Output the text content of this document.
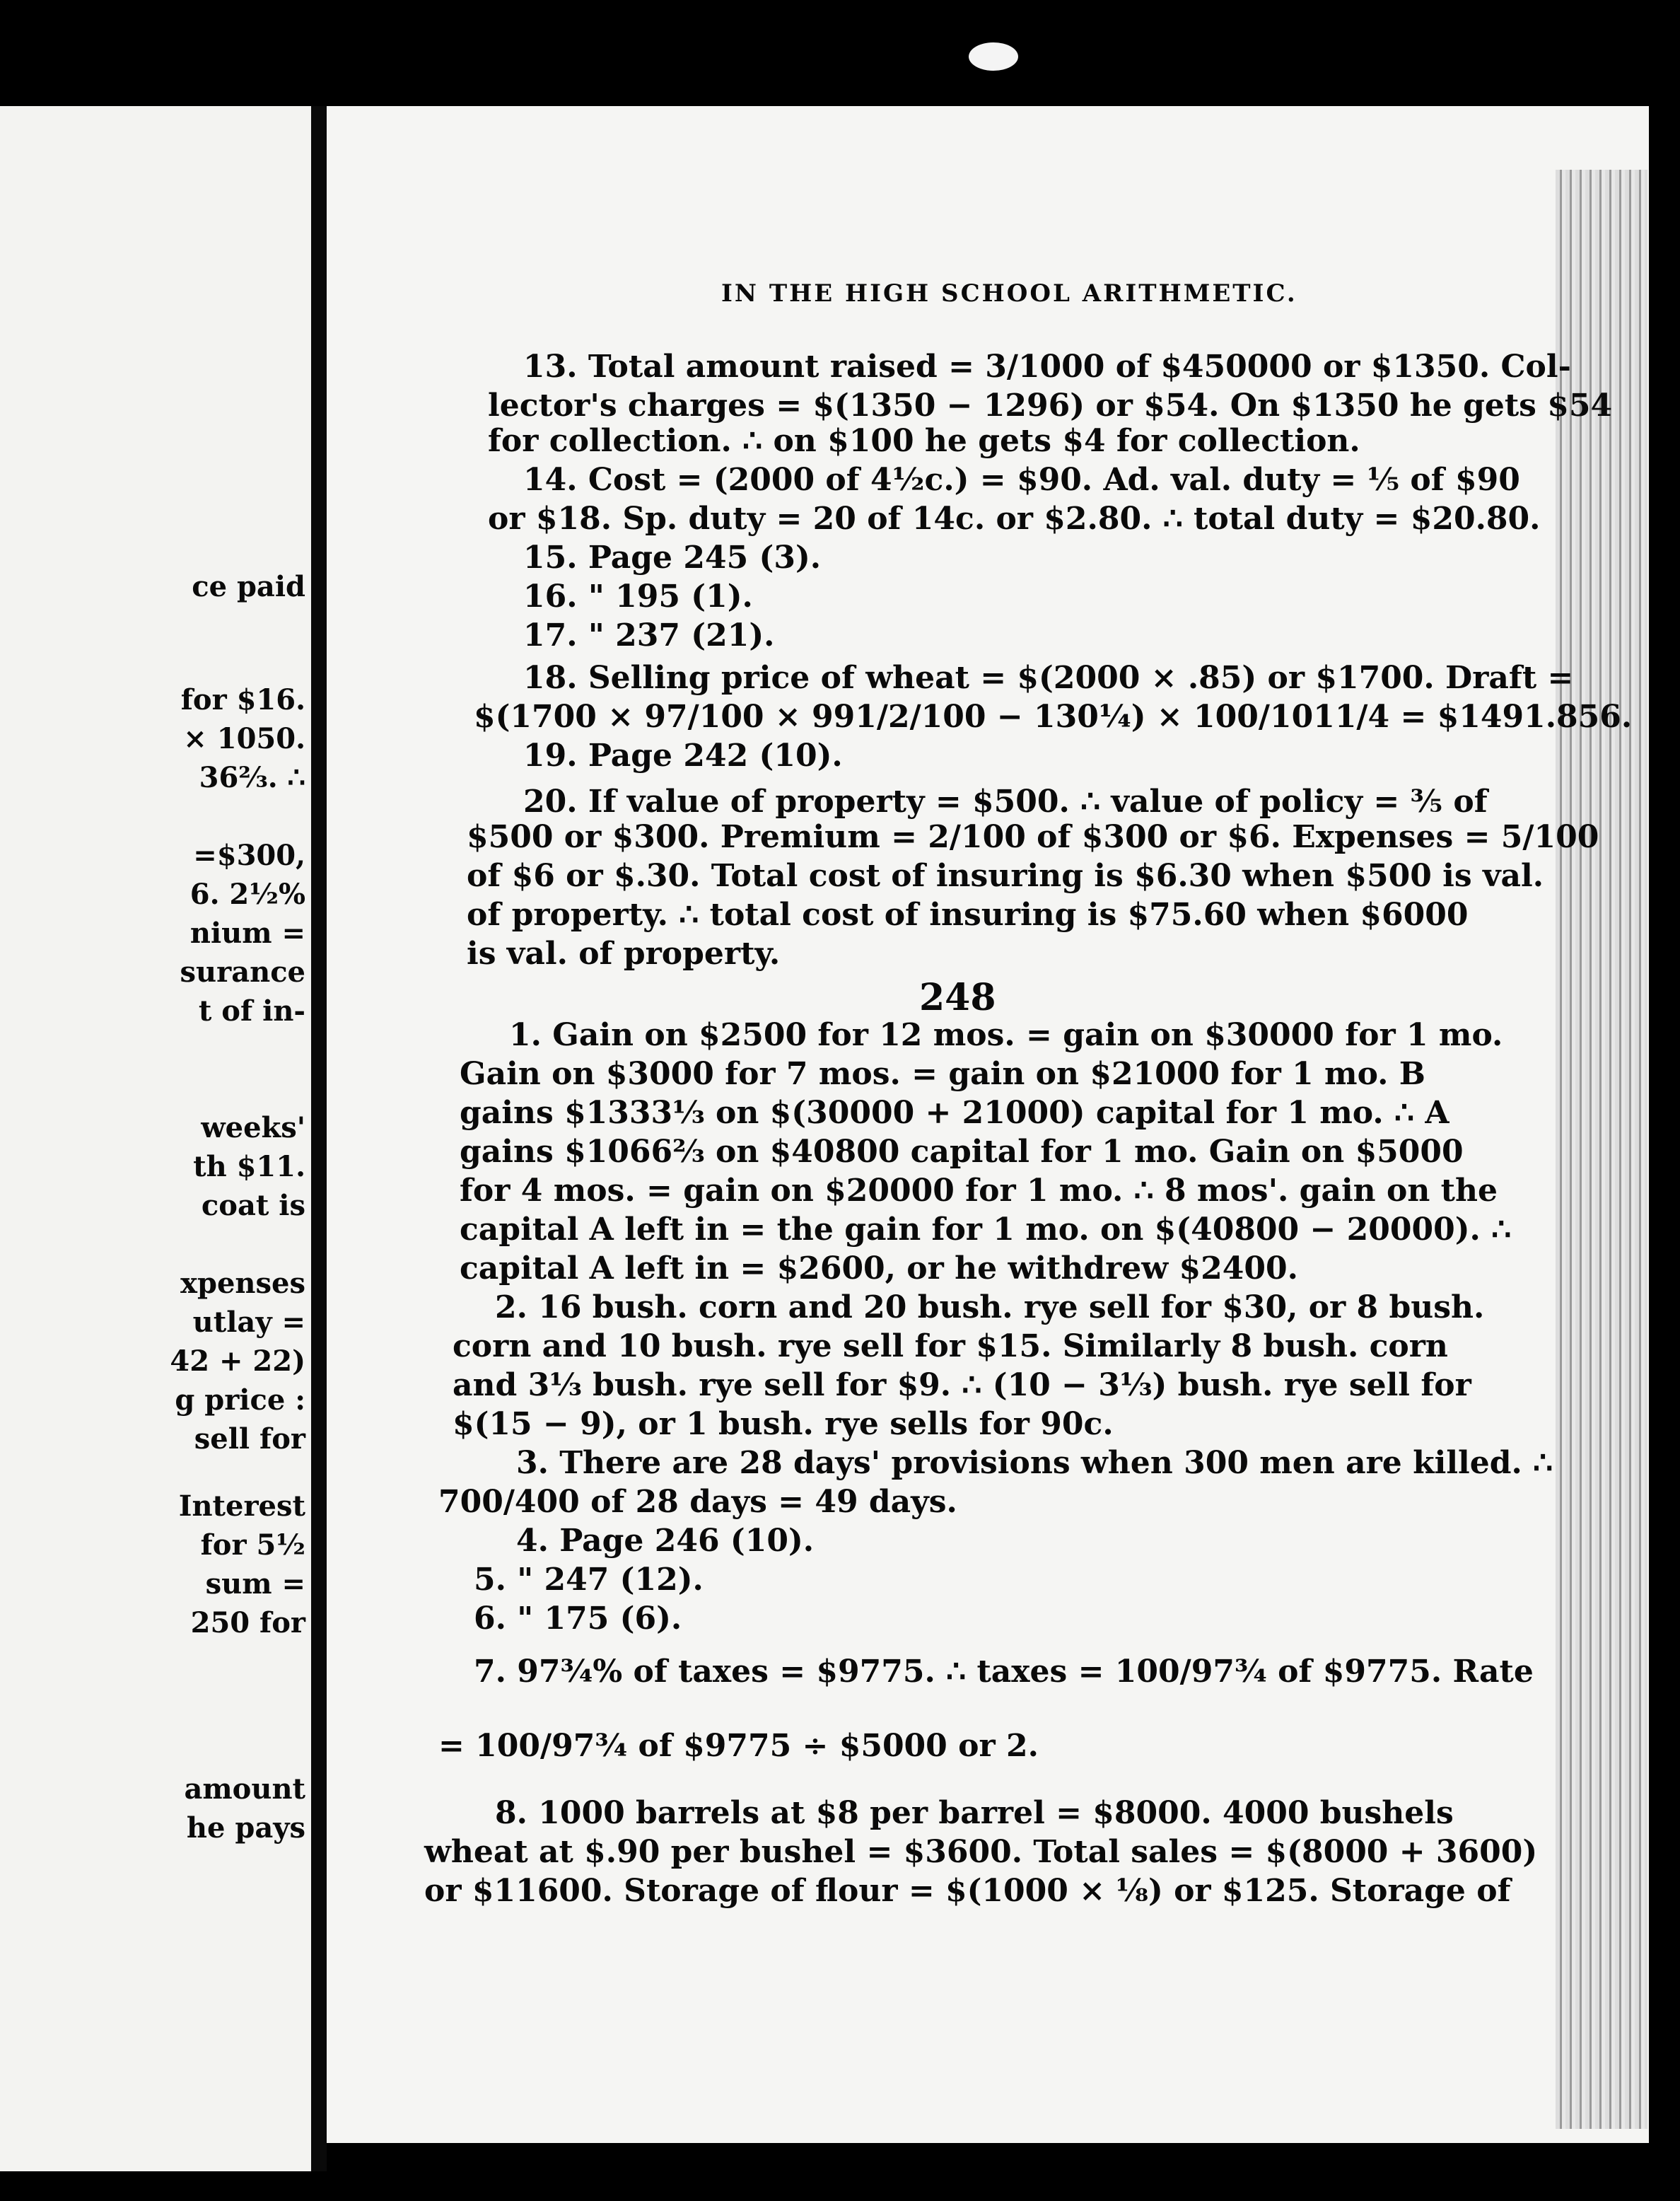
ce paid
for $16.
× 1050.
36⅔. ∴
=$300,
6. 2½%
nium =
surance
t of in-
weeks'
th $11.
coat is
xpenses
utlay =
42 + 22)
g price :
sell for
Interest
for 5½
sum =
250 for
amount
he pays
IN THE HIGH SCHOOL ARITHMETIC.
13. Total amount raised = 3/1000 of $450000 or $1350. Col-
lector's charges = $(1350 − 1296) or $54. On $1350 he gets $54
for collection. ∴ on $100 he gets $4 for collection.
14. Cost = (2000 of 4½c.) = $90. Ad. val. duty = ⅕ of $90
or $18. Sp. duty = 20 of 14c. or $2.80. ∴ total duty = $20.80.
15. Page 245 (3).
16. " 195 (1).
17. " 237 (21).
18. Selling price of wheat = $(2000 × .85) or $1700. Draft =
$(1700 × 97/100 × 991/2/100 − 130¼) × 100/1011/4 = $1491.856.
19. Page 242 (10).
20. If value of property = $500. ∴ value of policy = ⅗ of
$500 or $300. Premium = 2/100 of $300 or $6. Expenses = 5/100
of $6 or $.30. Total cost of insuring is $6.30 when $500 is val.
of property. ∴ total cost of insuring is $75.60 when $6000
is val. of property.
248
1. Gain on $2500 for 12 mos. = gain on $30000 for 1 mo.
Gain on $3000 for 7 mos. = gain on $21000 for 1 mo. B
gains $1333⅓ on $(30000 + 21000) capital for 1 mo. ∴ A
gains $1066⅔ on $40800 capital for 1 mo. Gain on $5000
for 4 mos. = gain on $20000 for 1 mo. ∴ 8 mos'. gain on the
capital A left in = the gain for 1 mo. on $(40800 − 20000). ∴
capital A left in = $2600, or he withdrew $2400.
2. 16 bush. corn and 20 bush. rye sell for $30, or 8 bush.
corn and 10 bush. rye sell for $15. Similarly 8 bush. corn
and 3⅓ bush. rye sell for $9. ∴ (10 − 3⅓) bush. rye sell for
$(15 − 9), or 1 bush. rye sells for 90c.
3. There are 28 days' provisions when 300 men are killed. ∴
700/400 of 28 days = 49 days.
4. Page 246 (10).
5. " 247 (12).
6. " 175 (6).
7. 97¾% of taxes = $9775. ∴ taxes = 100/97¾ of $9775. Rate
= 100/97¾ of $9775 ÷ $5000 or 2.
8. 1000 barrels at $8 per barrel = $8000. 4000 bushels
wheat at $.90 per bushel = $3600. Total sales = $(8000 + 3600)
or $11600. Storage of flour = $(1000 × ⅛) or $125. Storage of
